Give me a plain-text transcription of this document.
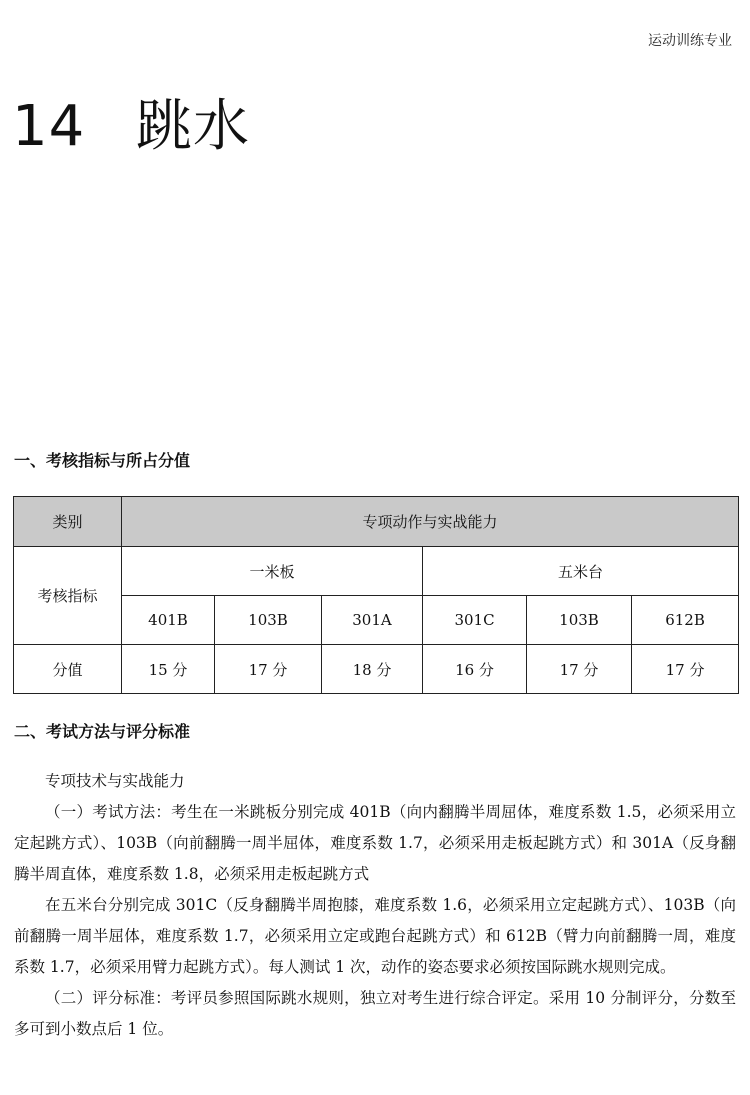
运动训练专业
14 跳水
一、考核指标与所占分值
类别	专项动作与实战能力					
考核指标	一米板			五米台		
	401B	103B	301A	301C	103B	612B
分值	15 分	17 分	18 分	16 分	17 分	17 分
二、考试方法与评分标准

专项技术与实战能力

（一）考试方法：考生在一米跳板分别完成 401B（向内翻腾半周屈体，难度系数 1.5，必须采用立定起跳方式）、103B（向前翻腾一周半屈体，难度系数 1.7，必须采用走板起跳方式）和 301A（反身翻腾半周直体，难度系数 1.8，必须采用走板起跳方式

在五米台分别完成 301C（反身翻腾半周抱膝，难度系数 1.6，必须采用立定起跳方式）、103B（向前翻腾一周半屈体，难度系数 1.7，必须采用立定或跑台起跳方式）和 612B（臂力向前翻腾一周，难度系数 1.7，必须采用臂力起跳方式）。每人测试 1 次，动作的姿态要求必须按国际跳水规则完成。

（二）评分标准：考评员参照国际跳水规则，独立对考生进行综合评定。采用 10 分制评分，分数至多可到小数点后 1 位。
